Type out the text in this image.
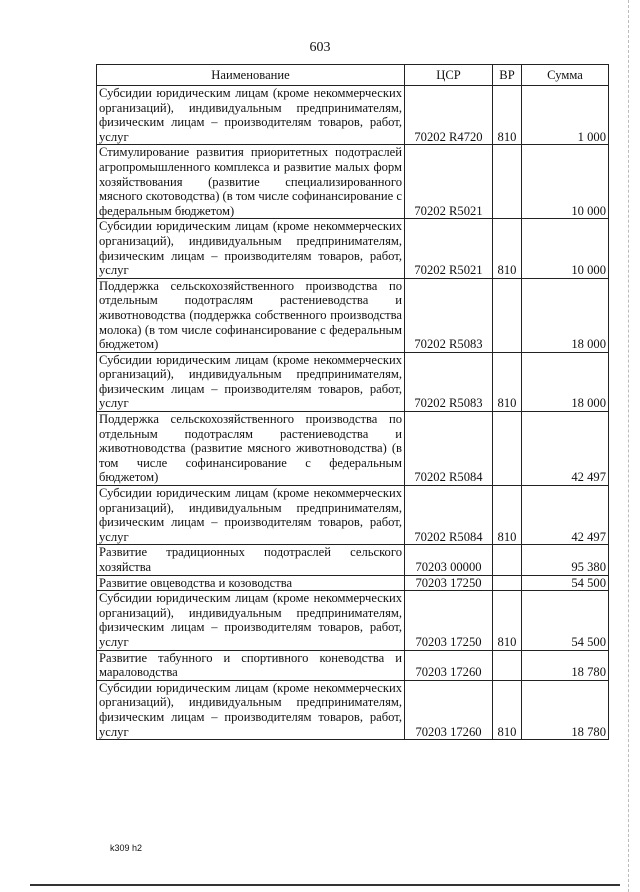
603
Наименование	ЦСР	ВР	Сумма
Субсидии юридическим лицам (кроме некоммерческих организаций), индивидуальным предпринимателям, физическим лицам – производителям товаров, работ, услуг	70202 R4720	810	1 000
Стимулирование развития приоритетных подотраслей агропромышленного комплекса и развитие малых форм хозяйствования (развитие специализированного мясного скотоводства) (в том числе софинансирование с федеральным бюджетом)	70202 R5021		10 000
Субсидии юридическим лицам (кроме некоммерческих организаций), индивидуальным предпринимателям, физическим лицам – производителям товаров, работ, услуг	70202 R5021	810	10 000
Поддержка сельскохозяйственного производства по отдельным подотраслям растениеводства и животноводства (поддержка собственного производства молока) (в том числе софинансирование с федеральным бюджетом)	70202 R5083		18 000
Субсидии юридическим лицам (кроме некоммерческих организаций), индивидуальным предпринимателям, физическим лицам – производителям товаров, работ, услуг	70202 R5083	810	18 000
Поддержка сельскохозяйственного производства по отдельным подотраслям растениеводства и животноводства (развитие мясного животноводства) (в том числе софинансирование с федеральным бюджетом)	70202 R5084		42 497
Субсидии юридическим лицам (кроме некоммерческих организаций), индивидуальным предпринимателям, физическим лицам – производителям товаров, работ, услуг	70202 R5084	810	42 497
Развитие традиционных подотраслей сельского хозяйства	70203 00000		95 380
Развитие овцеводства и козоводства	70203 17250		54 500
Субсидии юридическим лицам (кроме некоммерческих организаций), индивидуальным предпринимателям, физическим лицам – производителям товаров, работ, услуг	70203 17250	810	54 500
Развитие табунного и спортивного коневодства и мараловодства	70203 17260		18 780
Субсидии юридическим лицам (кроме некоммерческих организаций), индивидуальным предпринимателям, физическим лицам – производителям товаров, работ, услуг	70203 17260	810	18 780
k309 h2
